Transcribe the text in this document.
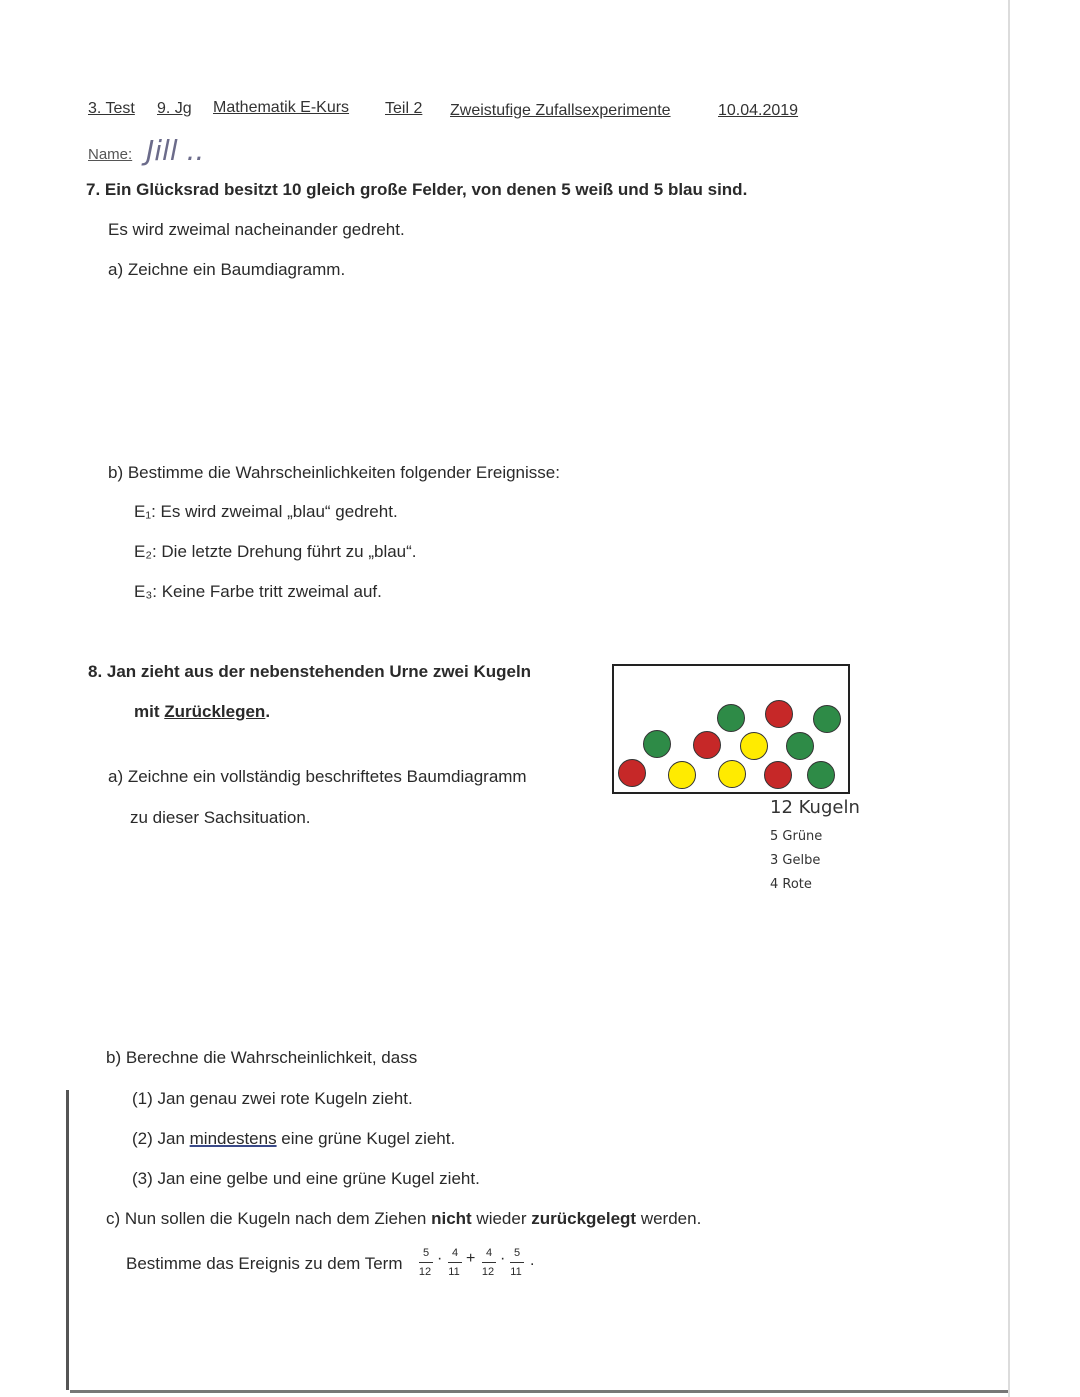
3. Test 9. Jg Mathematik E-Kurs Teil 2 Zweistufige Zufallsexperimente	10.04.2019
Name: Jill ..
7. Ein Glücksrad besitzt 10 gleich große Felder, von denen 5 weiß und 5 blau sind.
Es wird zweimal nacheinander gedreht.
a) Zeichne ein Baumdiagramm.
b) Bestimme die Wahrscheinlichkeiten folgender Ereignisse:
E₁: Es wird zweimal „blau“ gedreht.
E₂: Die letzte Drehung führt zu „blau“.
E₃: Keine Farbe tritt zweimal auf.
8. Jan zieht aus der nebenstehenden Urne zwei Kugeln
mit Zurücklegen.
a) Zeichne ein vollständig beschriftetes Baumdiagramm
zu dieser Sachsituation.	12 Kugeln
5 Grüne
3 Gelbe
4 Rote
b) Berechne die Wahrscheinlichkeit, dass
(1) Jan genau zwei rote Kugeln zieht.
(2) Jan mindestens eine grüne Kugel zieht.
(3) Jan eine gelbe und eine grüne Kugel zieht.
c) Nun sollen die Kugeln nach dem Ziehen nicht wieder zurückgelegt werden.
Bestimme das Ereignis zu dem Term
5
12
· 4
11
+ 4
12
· 5
11
.
